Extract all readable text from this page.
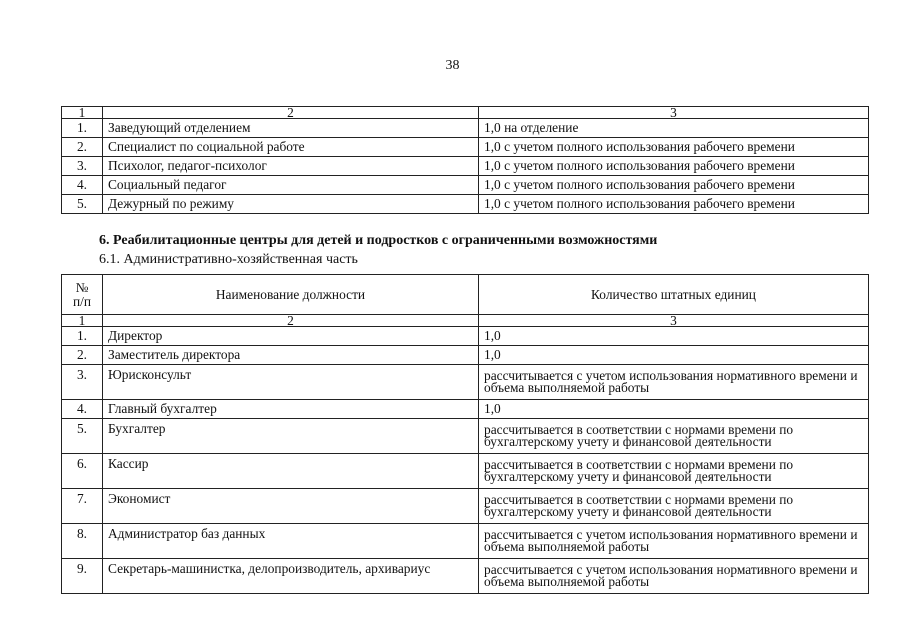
38
1	2	3
1.	Заведующий отделением	1,0 на отделение
2.	Специалист по социальной работе	1,0 с учетом полного использования рабочего времени
3.	Психолог, педагог-психолог	1,0 с учетом полного использования рабочего времени
4.	Социальный педагог	1,0 с учетом полного использования рабочего времени
5.	Дежурный по режиму	1,0 с учетом полного использования рабочего времени
6. Реабилитационные центры для детей и подростков с ограниченными возможностями
6.1. Административно-хозяйственная часть
№
п/п	Наименование должности	Количество штатных единиц
1	2	3
1.	Директор	1,0
2.	Заместитель директора	1,0
3.	Юрисконсульт	рассчитывается с учетом использования нормативного времени и объема выполняемой работы
4.	Главный бухгалтер	1,0
5.	Бухгалтер	рассчитывается в соответствии с нормами времени по бухгалтерскому учету и финансовой деятельности
6.	Кассир	рассчитывается в соответствии с нормами времени по бухгалтерскому учету и финансовой деятельности
7.	Экономист	рассчитывается в соответствии с нормами времени по бухгалтерскому учету и финансовой деятельности
8.	Администратор баз данных	рассчитывается с учетом использования нормативного времени и объема выполняемой работы
9.	Секретарь-машинистка, делопроизводитель, архивариус	рассчитывается с учетом использования нормативного времени и объема выполняемой работы
